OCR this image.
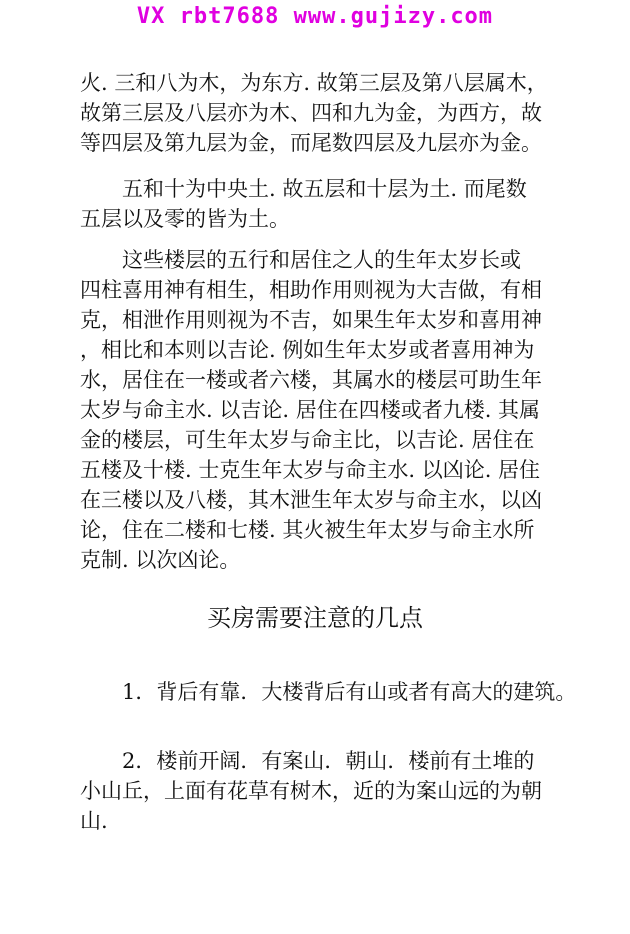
VX rbt7688 www.gujizy.com
火. 三和八为木，为东方. 故第三层及第八层属木，
故第三层及八层亦为木、四和九为金，为西方，故
等四层及第九层为金，而尾数四层及九层亦为金。
五和十为中央土. 故五层和十层为土. 而尾数
五层以及零的皆为土。
这些楼层的五行和居住之人的生年太岁长或
四柱喜用神有相生，相助作用则视为大吉做，有相
克，相泄作用则视为不吉，如果生年太岁和喜用神
，相比和本则以吉论. 例如生年太岁或者喜用神为
水，居住在一楼或者六楼，其属水的楼层可助生年
太岁与命主水. 以吉论. 居住在四楼或者九楼. 其属
金的楼层，可生年太岁与命主比，以吉论. 居住在
五楼及十楼. 士克生年太岁与命主水. 以凶论. 居住
在三楼以及八楼，其木泄生年太岁与命主水，以凶
论，住在二楼和七楼. 其火被生年太岁与命主水所
克制. 以次凶论。
买房需要注意的几点
1．背后有靠．大楼背后有山或者有高大的建筑。
2．楼前开阔．有案山．朝山．楼前有土堆的
小山丘，上面有花草有树木，近的为案山远的为朝
山.
